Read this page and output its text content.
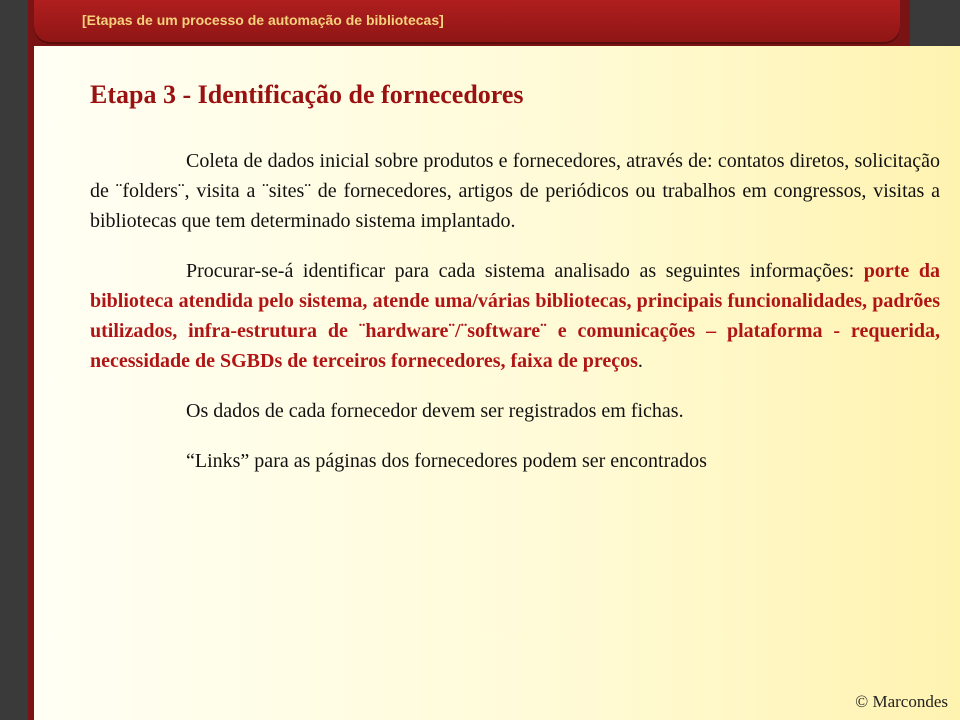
[Etapas de um processo de automação de bibliotecas]
Etapa 3 - Identificação de fornecedores

Coleta de dados inicial sobre produtos e fornecedores, através de: contatos diretos, solicitação de ¨folders¨, visita a ¨sites¨ de fornecedores, artigos de periódicos ou trabalhos em congressos, visitas a bibliotecas que tem determinado sistema implantado.

Procurar-se-á identificar para cada sistema analisado as seguintes informações: porte da biblioteca atendida pelo sistema, atende uma/várias bibliotecas, principais funcionalidades, padrões utilizados, infra-estrutura de ¨hardware¨/¨software¨ e comunicações – plataforma - requerida, necessidade de SGBDs de terceiros fornecedores, faixa de preços.

Os dados de cada fornecedor devem ser registrados em fichas.

“Links” para as páginas dos fornecedores podem ser encontrados

© Marcondes
